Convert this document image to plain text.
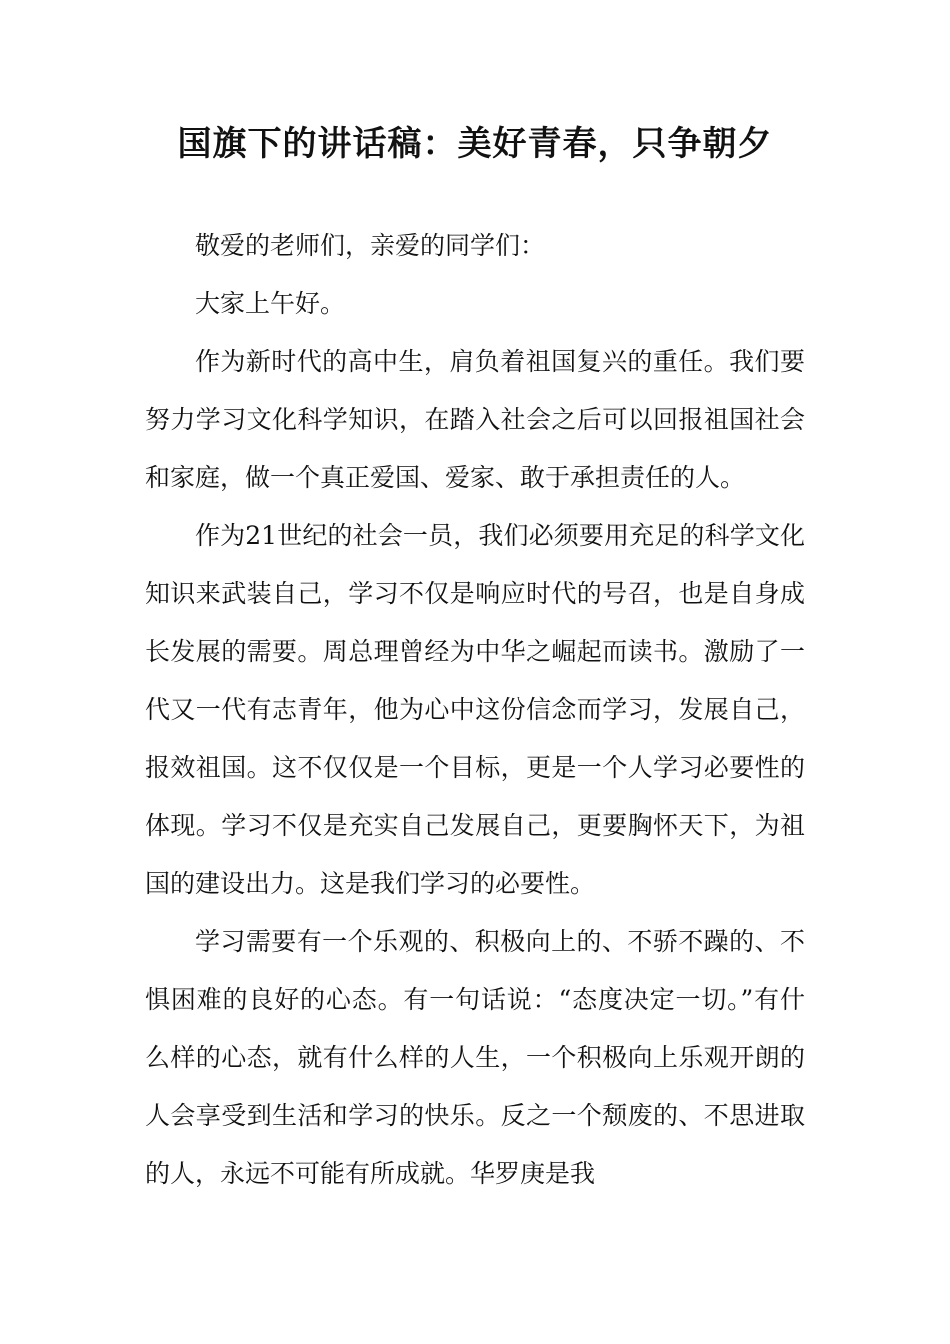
国旗下的讲话稿：美好青春，只争朝夕

敬爱的老师们，亲爱的同学们：

大家上午好。

作为新时代的高中生，肩负着祖国复兴的重任。我们要努力学习文化科学知识，在踏入社会之后可以回报祖国社会和家庭，做一个真正爱国、爱家、敢于承担责任的人。

作为21世纪的社会一员，我们必须要用充足的科学文化知识来武装自己，学习不仅是响应时代的号召，也是自身成长发展的需要。周总理曾经为中华之崛起而读书。激励了一代又一代有志青年，他为心中这份信念而学习，发展自己，报效祖国。这不仅仅是一个目标，更是一个人学习必要性的体现。学习不仅是充实自己发展自己，更要胸怀天下，为祖国的建设出力。这是我们学习的必要性。

学习需要有一个乐观的、积极向上的、不骄不躁的、不惧困难的良好的心态。有一句话说：“态度决定一切。”有什么样的心态，就有什么样的人生，一个积极向上乐观开朗的人会享受到生活和学习的快乐。反之一个颓废的、不思进取的人，永远不可能有所成就。华罗庚是我
